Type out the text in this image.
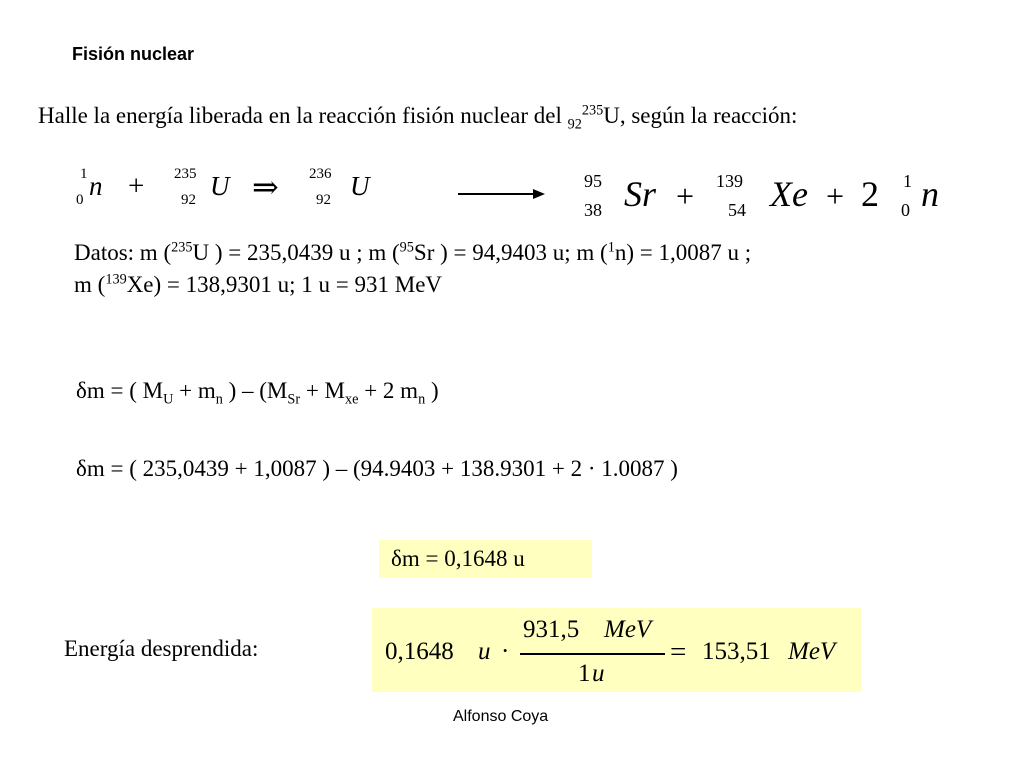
Fisión nuclear
Halle la energía liberada en la reacción fisión nuclear del $_{92}^{235}$U, según la reacción:
1
0 n + 235
92 U ⇒ 236
92 U	95
38 Sr + 139
54 Xe + 2 1
0 n
Datos: m ($^{235}$U ) = 235,0439 u ; m ($^{95}$Sr ) = 94,9403 u; m ($^1$n) = 1,0087 u ;
m ($^{139}$Xe) = 138,9301 u; 1 u = 931 MeV
δm = ( $M_U + m_n$ ) – ($M_{Sr} + M_{xe} + 2$ $m_n$ )
δm = ( 235,0439 + 1,0087 ) – (94.9403 + 138.9301 + 2 · 1.0087 )
δm = 0,1648 u
Energía desprendida:	0,1648 u ·
931,5 MeV
1 u
= 153,51 MeV
Alfonso Coya
